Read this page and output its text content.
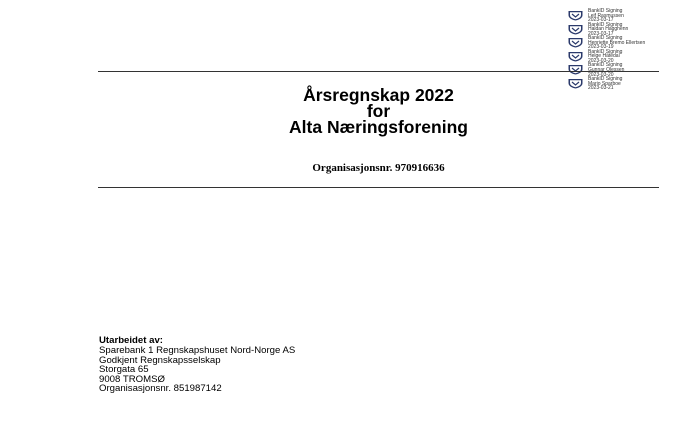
BankID Signing
Leif Rasmussen
2023-03-17
BankID Signing
Haldan Hagghenn
2023-03-17
BankID Signing
Henriette Bremo Ellertsen
2023-03-19
BankID Signing
Helge Hätedal
2023-03-20
BankID Signing
Gunnar Olessen
2023-03-20
BankID Signing
Mario Sparboe
2023-03-21
Årsregnskap 2022
for
Alta Næringsforening
Organisasjonsnr. 970916636
Utarbeidet av:
Sparebank 1 Regnskapshuset Nord-Norge AS
Godkjent Regnskapsselskap
Storgata 65
9008 TROMSØ
Organisasjonsnr. 851987142
